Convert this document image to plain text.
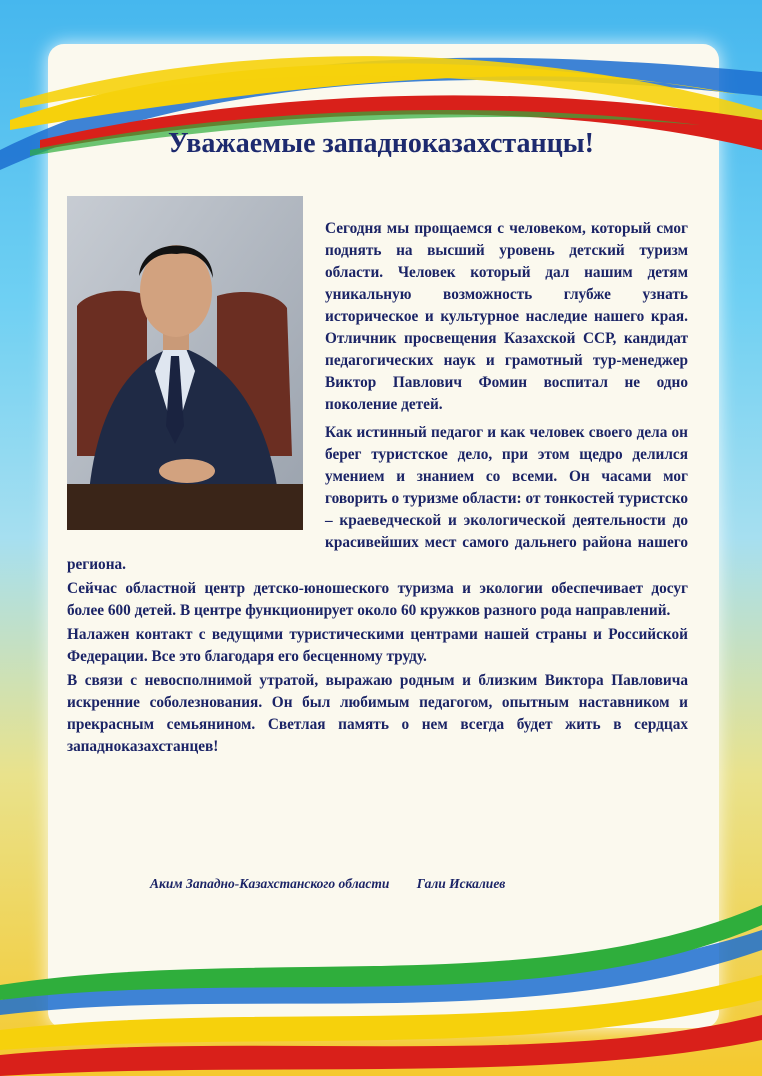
Уважаемые западноказахстанцы!

Сегодня мы прощаемся с человеком, который смог поднять на высший уровень детский туризм области. Человек который дал нашим детям уникальную возможность глубже узнать историческое и культурное наследие нашего края. Отличник просвещения Казахской ССР, кандидат педагогических наук и грамотный тур-менеджер Виктор Павлович Фомин воспитал не одно поколение детей.

Как истинный педагог и как человек своего дела он берег туристское дело, при этом щедро делился умением и знанием со всеми. Он часами мог говорить о туризме области: от тонкостей туристско – краеведческой и экологической деятельности до красивейших мест самого дальнего района нашего региона.

Сейчас областной центр детско-юношеского туризма и экологии обеспечивает досуг более 600 детей. В центре функционирует около 60 кружков разного рода направлений.

Налажен контакт с ведущими туристическими центрами нашей страны и Российской Федерации. Все это благодаря его бесценному труду.

В связи с невосполнимой утратой, выражаю родным и близким Виктора Павловича искренние соболезнования. Он был любимым педагогом, опытным наставником и прекрасным семьянином. Светлая память о нем всегда будет жить в сердцах западноказахстанцев!

Аким Западно-Казахстанского области Гали Искалиев
